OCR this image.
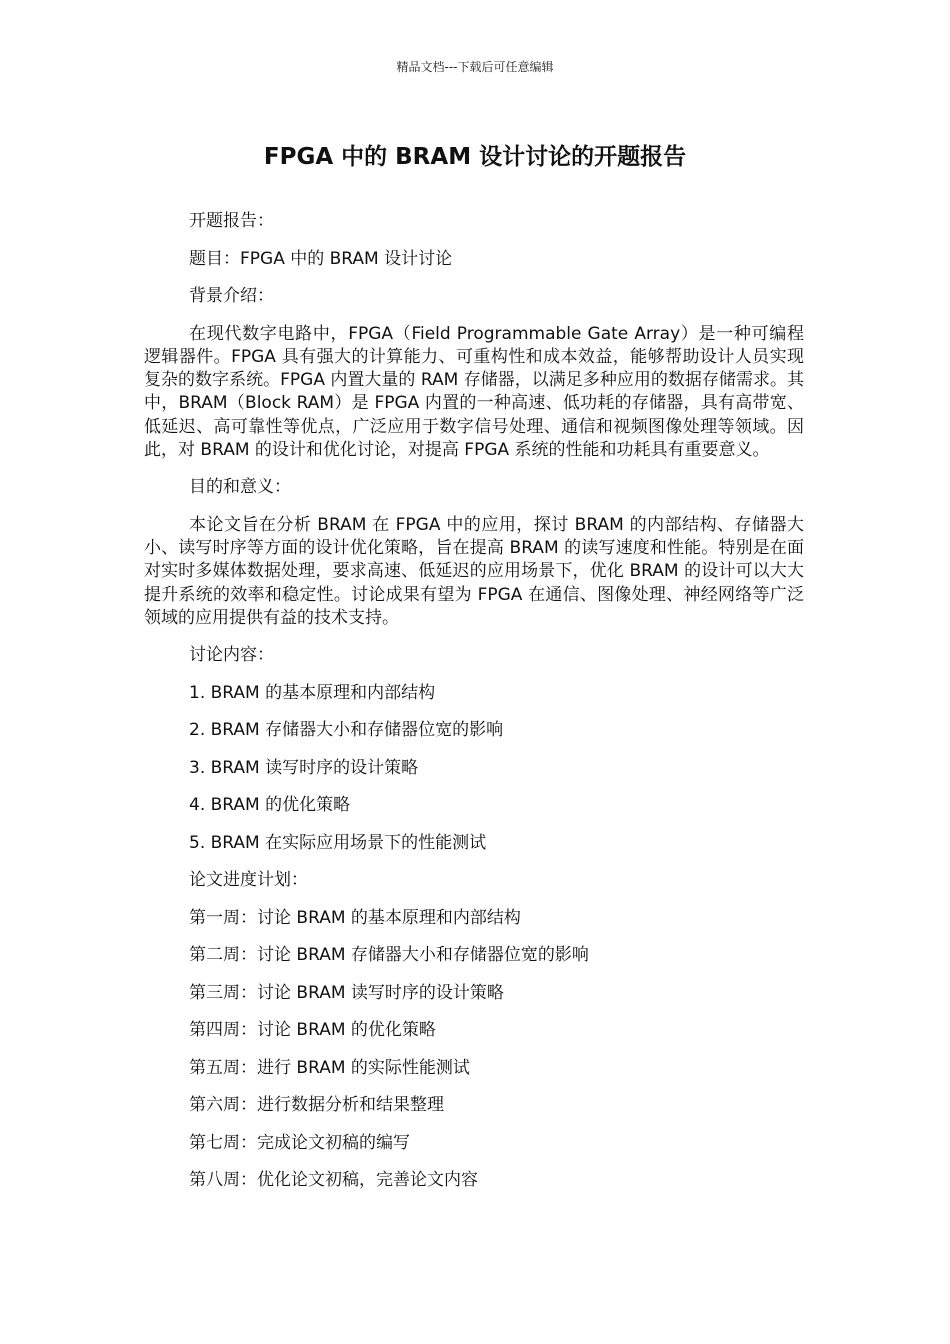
精品文档---下载后可任意编辑
FPGA 中的 BRAM 设计讨论的开题报告

开题报告：

题目：FPGA 中的 BRAM 设计讨论

背景介绍：

在现代数字电路中，FPGA（Field Programmable Gate Array）是一种可编程逻辑器件。FPGA 具有强大的计算能力、可重构性和成本效益，能够帮助设计人员实现复杂的数字系统。FPGA 内置大量的 RAM 存储器，以满足多种应用的数据存储需求。其中，BRAM（Block RAM）是 FPGA 内置的一种高速、低功耗的存储器，具有高带宽、低延迟、高可靠性等优点，广泛应用于数字信号处理、通信和视频图像处理等领域。因此，对 BRAM 的设计和优化讨论，对提高 FPGA 系统的性能和功耗具有重要意义。

目的和意义：

本论文旨在分析 BRAM 在 FPGA 中的应用，探讨 BRAM 的内部结构、存储器大小、读写时序等方面的设计优化策略，旨在提高 BRAM 的读写速度和性能。特别是在面对实时多媒体数据处理，要求高速、低延迟的应用场景下，优化 BRAM 的设计可以大大提升系统的效率和稳定性。讨论成果有望为 FPGA 在通信、图像处理、神经网络等广泛领域的应用提供有益的技术支持。

讨论内容：

1. BRAM 的基本原理和内部结构

2. BRAM 存储器大小和存储器位宽的影响

3. BRAM 读写时序的设计策略

4. BRAM 的优化策略

5. BRAM 在实际应用场景下的性能测试

论文进度计划：

第一周：讨论 BRAM 的基本原理和内部结构

第二周：讨论 BRAM 存储器大小和存储器位宽的影响

第三周：讨论 BRAM 读写时序的设计策略

第四周：讨论 BRAM 的优化策略

第五周：进行 BRAM 的实际性能测试

第六周：进行数据分析和结果整理

第七周：完成论文初稿的编写

第八周：优化论文初稿，完善论文内容
